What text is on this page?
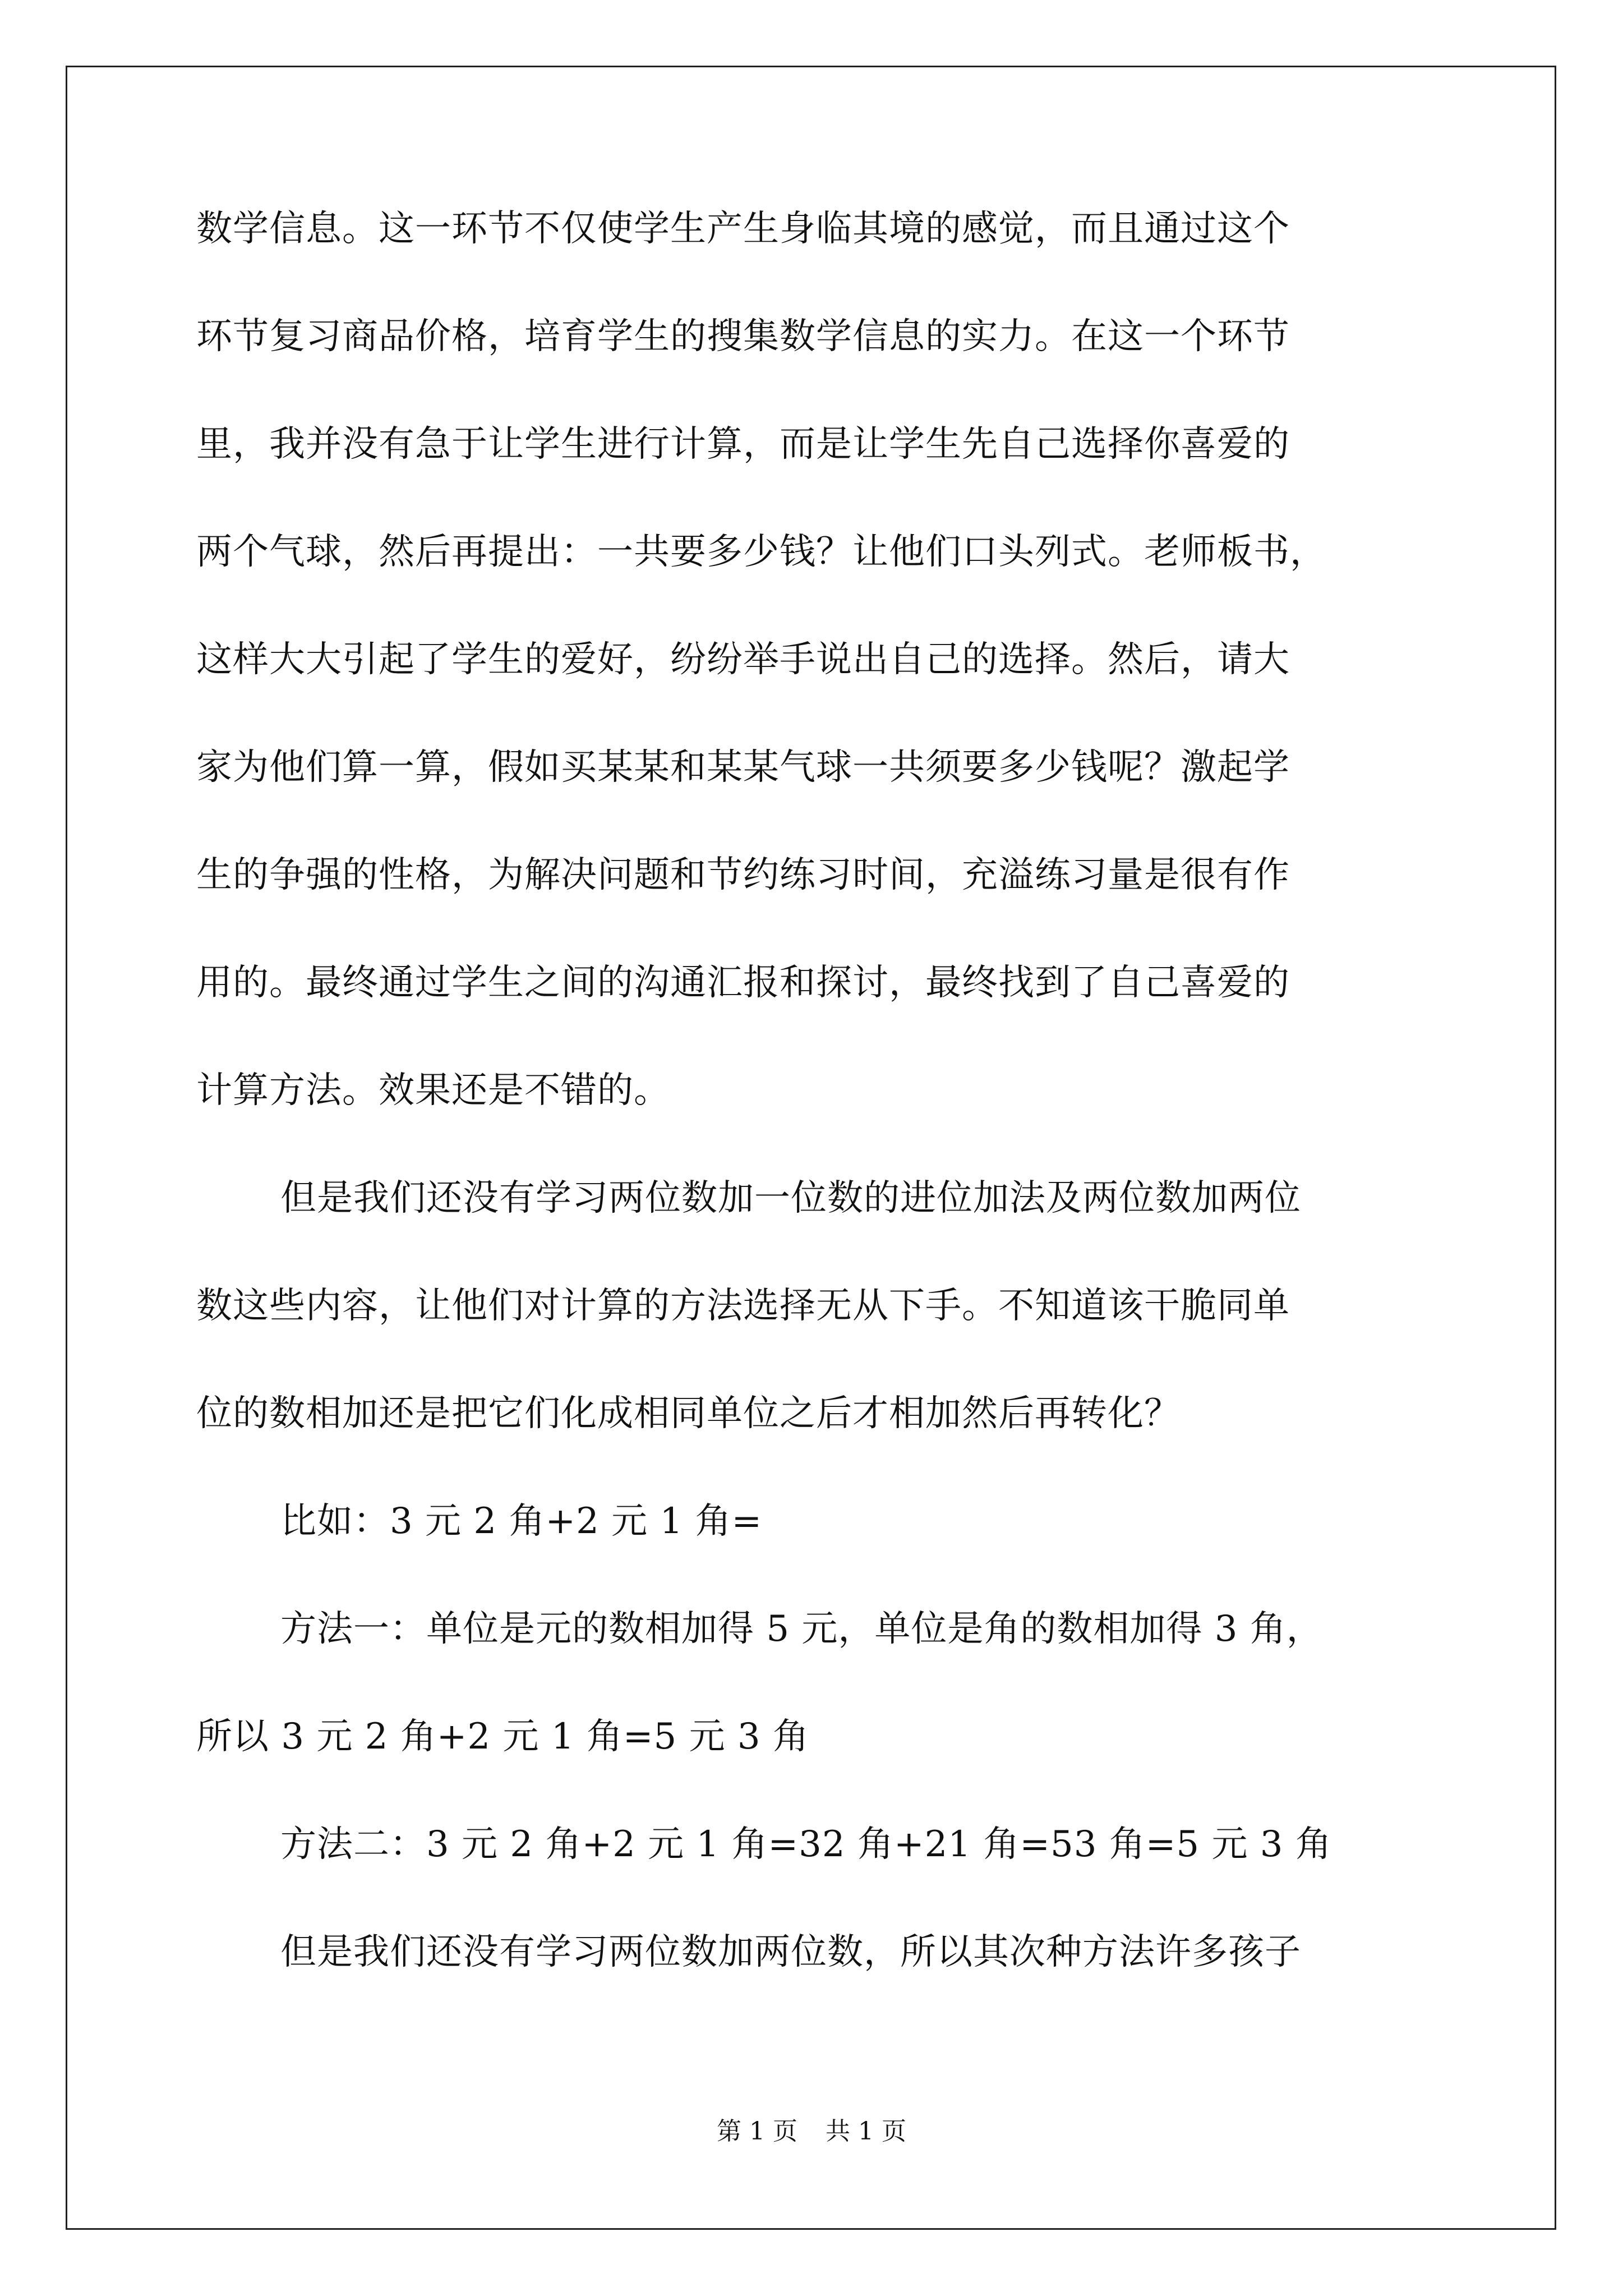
数学信息。这一环节不仅使学生产生身临其境的感觉，而且通过这个
环节复习商品价格，培育学生的搜集数学信息的实力。在这一个环节
里，我并没有急于让学生进行计算，而是让学生先自己选择你喜爱的
两个气球，然后再提出：一共要多少钱？让他们口头列式。老师板书，
这样大大引起了学生的爱好，纷纷举手说出自己的选择。然后，请大
家为他们算一算，假如买某某和某某气球一共须要多少钱呢？激起学
生的争强的性格，为解决问题和节约练习时间，充溢练习量是很有作
用的。最终通过学生之间的沟通汇报和探讨，最终找到了自己喜爱的
计算方法。效果还是不错的。
但是我们还没有学习两位数加一位数的进位加法及两位数加两位
数这些内容，让他们对计算的方法选择无从下手。不知道该干脆同单
位的数相加还是把它们化成相同单位之后才相加然后再转化？
比如：3 元 2 角+2 元 1 角=
方法一：单位是元的数相加得 5 元，单位是角的数相加得 3 角，
所以 3 元 2 角+2 元 1 角=5 元 3 角
方法二：3 元 2 角+2 元 1 角=32 角+21 角=53 角=5 元 3 角
但是我们还没有学习两位数加两位数，所以其次种方法许多孩子
第 1 页 共 1 页
